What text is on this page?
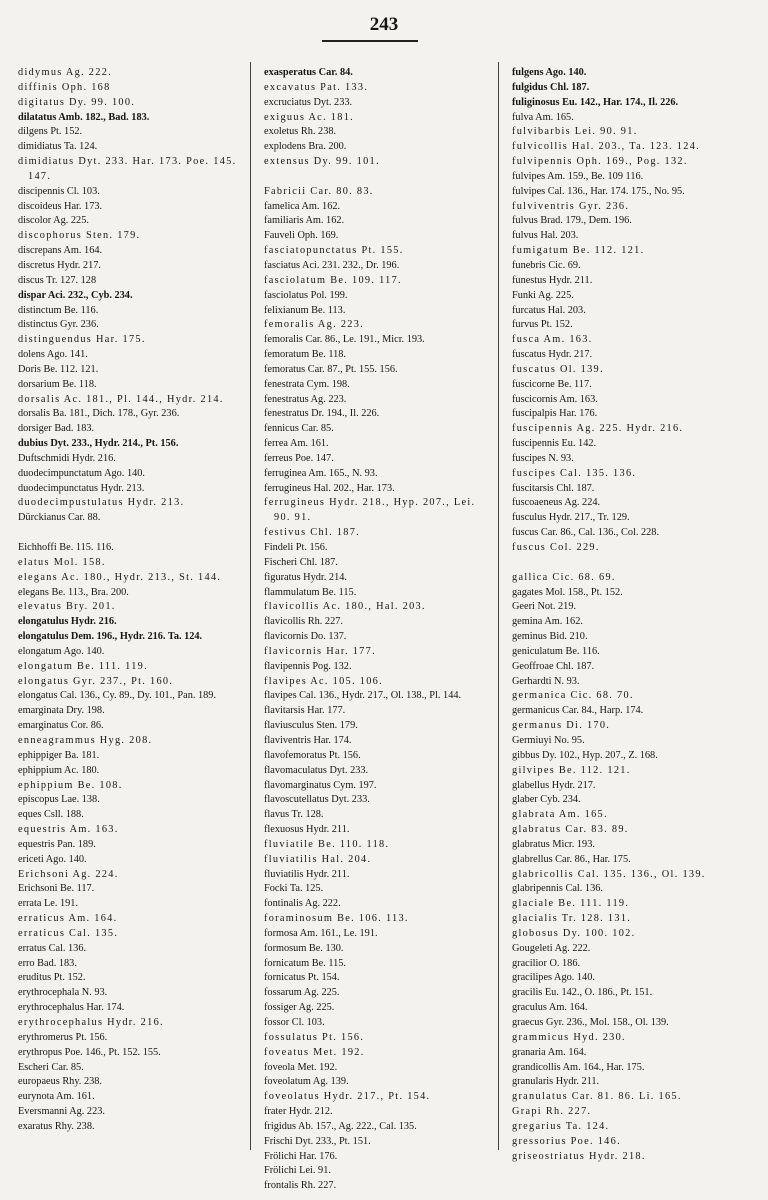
243
didymus Ag. 222.
diffinis Oph. 168
digitatus Dy. 99. 100.
dilatatus Amb. 182., Bad. 183.
dilgens Pt. 152.
dimidiatus Ta. 124.
dimidiatus Dyt. 233. Har. 173. Poe. 145. 147.
discipennis Cl. 103.
discoideus Har. 173.
discolor Ag. 225.
discophorus Sten. 179.
discrepans Am. 164.
discretus Hydr. 217.
discus Tr. 127. 128
dispar Aci. 232., Cyb. 234.
distinctum Be. 116.
distinctus Gyr. 236.
distinguendus Har. 175.
dolens Ago. 141.
Doris Be. 112. 121.
dorsarium Be. 118.
dorsalis Ac. 181., Pl. 144., Hydr. 214.
dorsalis Ba. 181., Dich. 178., Gyr. 236.
dorsiger Bad. 183.
dubius Dyt. 233., Hydr. 214., Pt. 156.
Duftschmidi Hydr. 216.
duodecimpunctatum Ago. 140.
duodecimpunctatus Hydr. 213.
duodecimpustulatus Hydr. 213.
Dürckianus Car. 88.
Eichhoffi Be. 115. 116.
elatus Mol. 158.
elegans Ac. 180., Hydr. 213., St. 144.
elegans Be. 113., Bra. 200.
elevatus Bry. 201.
elongatulus Hydr. 216.
elongatulus Dem. 196., Hydr. 216. Ta. 124.
elongatum Ago. 140.
elongatum Be. 111. 119.
elongatus Gyr. 237., Pt. 160.
elongatus Cal. 136., Cy. 89., Dy. 101., Pan. 189.
emarginata Dry. 198.
emarginatus Cor. 86.
enneagrammus Hyg. 208.
ephippiger Ba. 181.
ephippium Ac. 180.
ephippium Be. 108.
episcopus Lae. 138.
eques Csll. 188.
equestris Am. 163.
equestris Pan. 189.
ericeti Ago. 140.
Erichsoni Ag. 224.
Erichsoni Be. 117.
errata Le. 191.
erraticus Am. 164.
erraticus Cal. 135.
erratus Cal. 136.
erro Bad. 183.
eruditus Pt. 152.
erythrocephala N. 93.
erythrocephalus Har. 174.
erythrocephalus Hydr. 216.
erythromerus Pt. 156.
erythropus Poe. 146., Pt. 152. 155.
Escheri Car. 85.
europaeus Rhy. 238.
eurynota Am. 161.
Eversmanni Ag. 223.
exaratus Rhy. 238.
exasperatus Car. 84.
excavatus Pat. 133.
excruciatus Dyt. 233.
exiguus Ac. 181.
exoletus Rh. 238.
explodens Bra. 200.
extensus Dy. 99. 101.
Fabricii Car. 80. 83.
famelica Am. 162.
familiaris Am. 162.
Fauveli Oph. 169.
fasciatopunctatus Pt. 155.
fasciatus Aci. 231. 232., Dr. 196.
fasciolatum Be. 109. 117.
fasciolatus Pol. 199.
felixianum Be. 113.
femoralis Ag. 223.
femoralis Car. 86., Le. 191., Micr. 193.
femoratum Be. 118.
femoratus Car. 87., Pt. 155. 156.
fenestrata Cym. 198.
fenestratus Ag. 223.
fenestratus Dr. 194., Il. 226.
fennicus Car. 85.
ferrea Am. 161.
ferreus Poe. 147.
ferruginea Am. 165., N. 93.
ferrugineus Hal. 202., Har. 173.
ferrugineus Hydr. 218., Hyp. 207., Lei. 90. 91.
festivus Chl. 187.
Findeli Pt. 156.
Fischeri Chl. 187.
figuratus Hydr. 214.
flammulatum Be. 115.
flavicollis Ac. 180., Hal. 203.
flavicollis Rh. 227.
flavicornis Do. 137.
flavicornis Har. 177.
flavipennis Pog. 132.
flavipes Ac. 105. 106.
flavipes Cal. 136., Hydr. 217., Ol. 138., Pl. 144.
flavitarsis Har. 177.
flaviusculus Sten. 179.
flaviventris Har. 174.
flavofemoratus Pt. 156.
flavomaculatus Dyt. 233.
flavomarginatus Cym. 197.
flavoscutellatus Dyt. 233.
flavus Tr. 128.
flexuosus Hydr. 211.
fluviatile Be. 110. 118.
fluviatilis Hal. 204.
fluviatilis Hydr. 211.
Focki Ta. 125.
fontinalis Ag. 222.
foraminosum Be. 106. 113.
formosa Am. 161., Le. 191.
formosum Be. 130.
fornicatum Be. 115.
fornicatus Pt. 154.
fossarum Ag. 225.
fossiger Ag. 225.
fossor Cl. 103.
fossulatus Pt. 156.
foveatus Met. 192.
foveola Met. 192.
foveolatum Ag. 139.
foveolatus Hydr. 217., Pt. 154.
frater Hydr. 212.
frigidus Ab. 157., Ag. 222., Cal. 135.
Frischi Dyt. 233., Pt. 151.
Frölichi Har. 176.
Frölichi Lei. 91.
frontalis Rh. 227.
fulgens Ago. 140.
fulgidus Chl. 187.
fuliginosus Eu. 142., Har. 174., Il. 226.
fulva Am. 165.
fulvibarbis Lei. 90. 91.
fulvicollis Hal. 203., Ta. 123. 124.
fulvipennis Oph. 169., Pog. 132.
fulvipes Am. 159., Be. 109 116.
fulvipes Cal. 136., Har. 174. 175., No. 95.
fulviventris Gyr. 236.
fulvus Brad. 179., Dem. 196.
fulvus Hal. 203.
fumigatum Be. 112. 121.
funebris Cic. 69.
funestus Hydr. 211.
Funki Ag. 225.
furcatus Hal. 203.
furvus Pt. 152.
fusca Am. 163.
fuscatus Hydr. 217.
fuscatus Ol. 139.
fuscicorne Be. 117.
fuscicornis Am. 163.
fuscipalpis Har. 176.
fuscipennis Ag. 225. Hydr. 216.
fuscipennis Eu. 142.
fuscipes N. 93.
fuscipes Cal. 135. 136.
fuscitarsis Chl. 187.
fuscoaeneus Ag. 224.
fusculus Hydr. 217., Tr. 129.
fuscus Car. 86., Cal. 136., Col. 228.
fuscus Col. 229.
gallica Cic. 68. 69.
gagates Mol. 158., Pt. 152.
Geeri Not. 219.
gemina Am. 162.
geminus Bid. 210.
geniculatum Be. 116.
Geoffroae Chl. 187.
Gerhardti N. 93.
germanica Cic. 68. 70.
germanicus Car. 84., Harp. 174.
germanus Di. 170.
Germiuyi No. 95.
gibbus Dy. 102., Hyp. 207., Z. 168.
gilvipes Be. 112. 121.
glabellus Hydr. 217.
glaber Cyb. 234.
glabrata Am. 165.
glabratus Car. 83. 89.
glabratus Micr. 193.
glabrellus Car. 86., Har. 175.
glabricollis Cal. 135. 136., Ol. 139.
glabripennis Cal. 136.
glaciale Be. 111. 119.
glacialis Tr. 128. 131.
globosus Dy. 100. 102.
Gougeleti Ag. 222.
gracilior O. 186.
gracilipes Ago. 140.
gracilis Eu. 142., O. 186., Pt. 151.
graculus Am. 164.
graecus Gyr. 236., Mol. 158., Ol. 139.
grammicus Hyd. 230.
granaria Am. 164.
grandicollis Am. 164., Har. 175.
granularis Hydr. 211.
granulatus Car. 81. 86. Li. 165.
Grapi Rh. 227.
gregarius Ta. 124.
gressorius Poe. 146.
griseostriatus Hydr. 218.
